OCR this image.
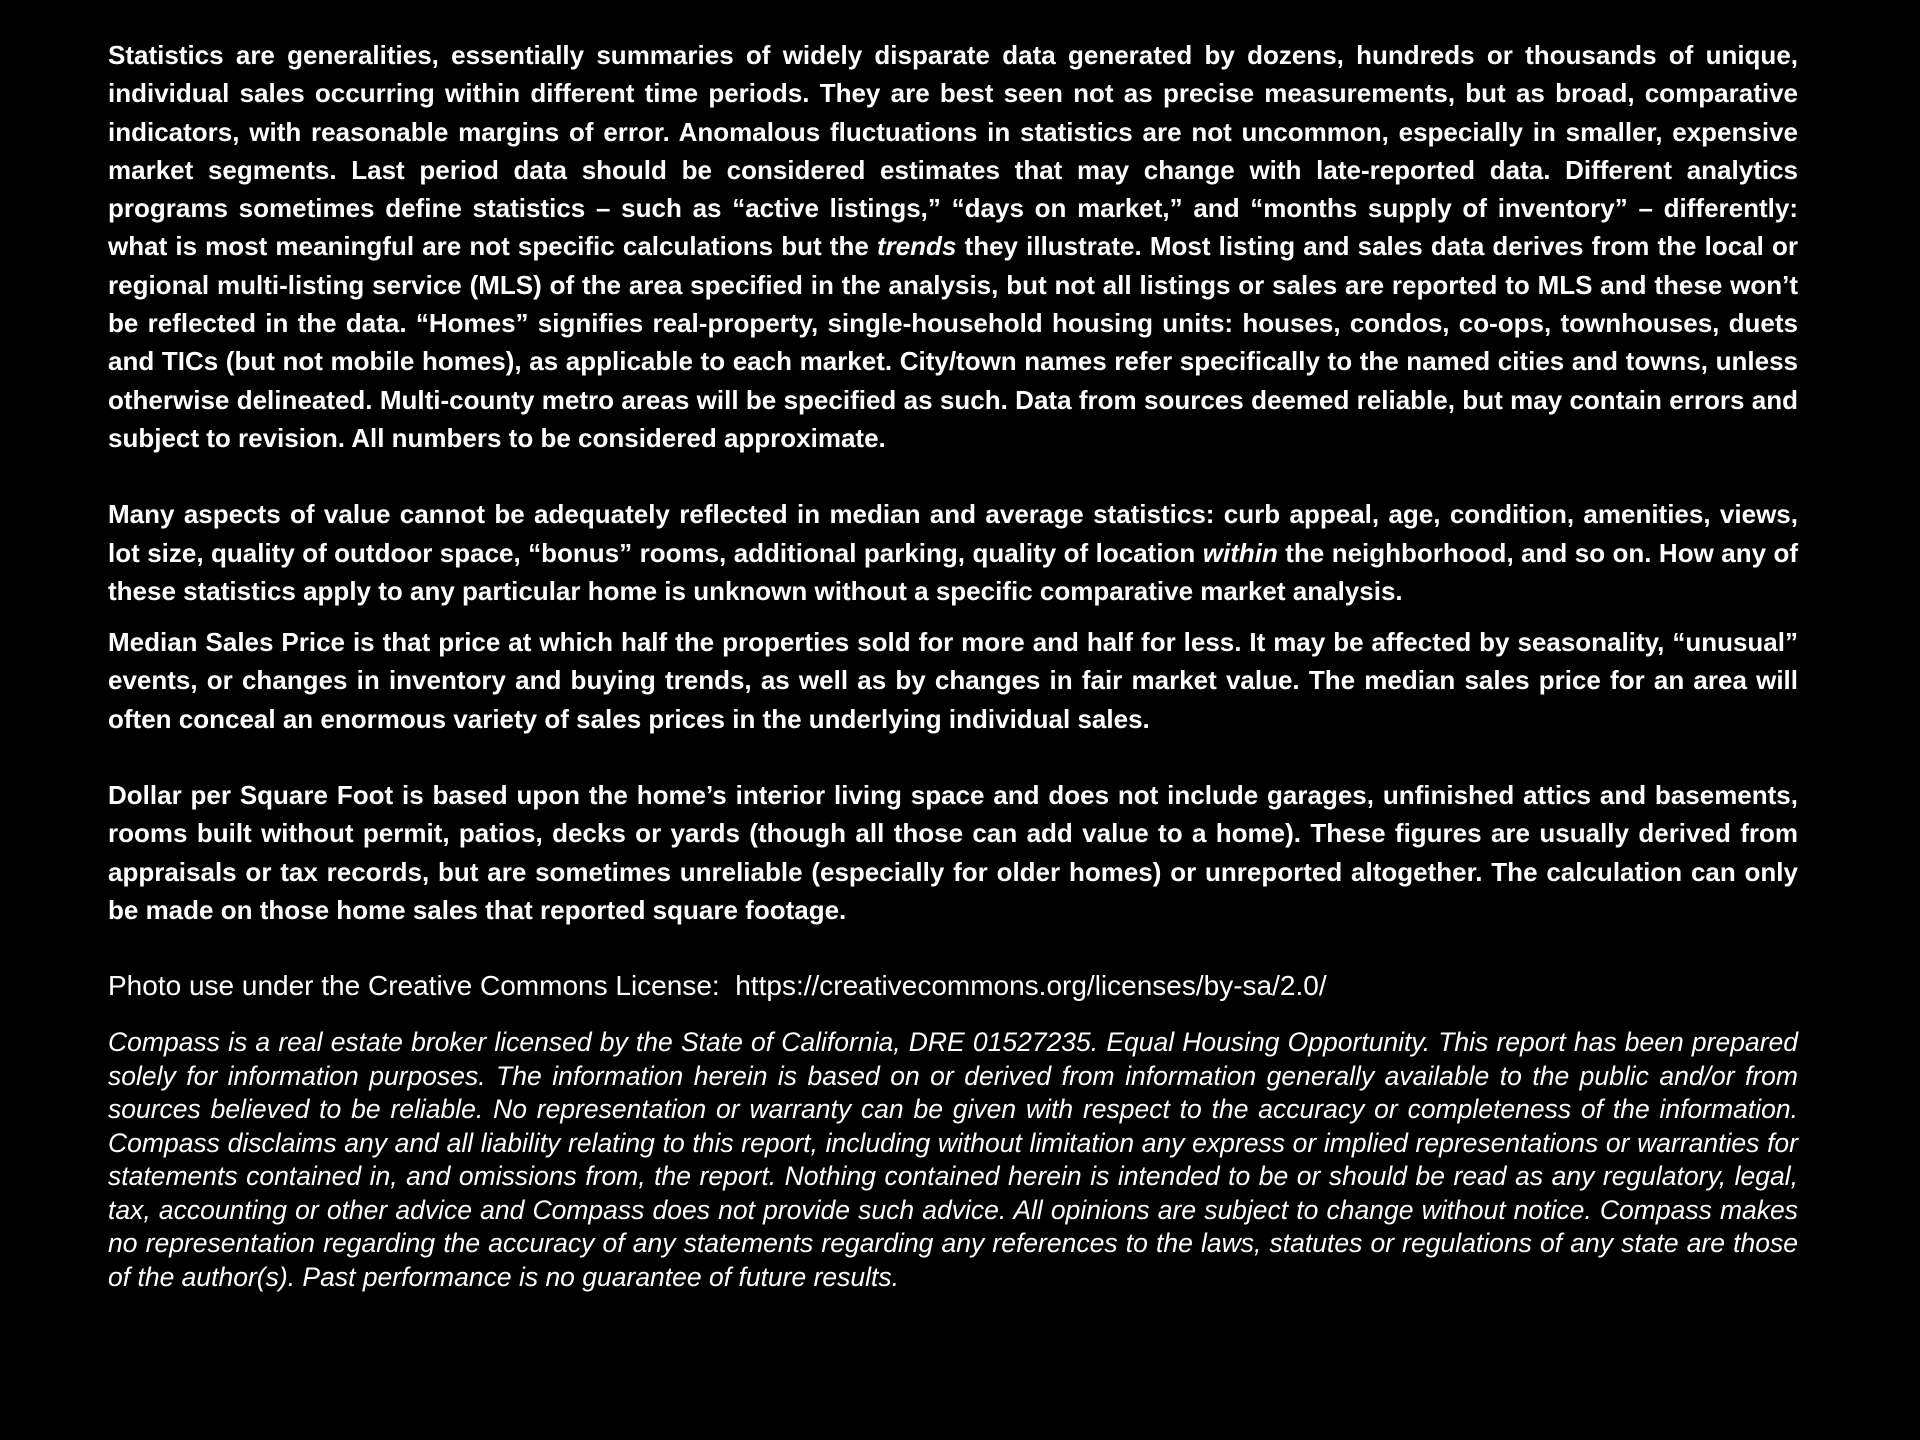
Statistics are generalities, essentially summaries of widely disparate data generated by dozens, hundreds or thousands of unique, individual sales occurring within different time periods. They are best seen not as precise measurements, but as broad, comparative indicators, with reasonable margins of error. Anomalous fluctuations in statistics are not uncommon, especially in smaller, expensive market segments. Last period data should be considered estimates that may change with late-reported data. Different analytics programs sometimes define statistics – such as “active listings,” “days on market,” and “months supply of inventory” – differently: what is most meaningful are not specific calculations but the trends they illustrate. Most listing and sales data derives from the local or regional multi-listing service (MLS) of the area specified in the analysis, but not all listings or sales are reported to MLS and these won’t be reflected in the data. “Homes” signifies real-property, single-household housing units: houses, condos, co-ops, townhouses, duets and TICs (but not mobile homes), as applicable to each market. City/town names refer specifically to the named cities and towns, unless otherwise delineated. Multi-county metro areas will be specified as such. Data from sources deemed reliable, but may contain errors and subject to revision. All numbers to be considered approximate.

Many aspects of value cannot be adequately reflected in median and average statistics: curb appeal, age, condition, amenities, views, lot size, quality of outdoor space, “bonus” rooms, additional parking, quality of location within the neighborhood, and so on. How any of these statistics apply to any particular home is unknown without a specific comparative market analysis.

Median Sales Price is that price at which half the properties sold for more and half for less. It may be affected by seasonality, “unusual” events, or changes in inventory and buying trends, as well as by changes in fair market value. The median sales price for an area will often conceal an enormous variety of sales prices in the underlying individual sales.

Dollar per Square Foot is based upon the home’s interior living space and does not include garages, unfinished attics and basements, rooms built without permit, patios, decks or yards (though all those can add value to a home). These figures are usually derived from appraisals or tax records, but are sometimes unreliable (especially for older homes) or unreported altogether. The calculation can only be made on those home sales that reported square footage.

Photo use under the Creative Commons License: https://creativecommons.org/licenses/by-sa/2.0/

Compass is a real estate broker licensed by the State of California, DRE 01527235. Equal Housing Opportunity. This report has been prepared solely for information purposes. The information herein is based on or derived from information generally available to the public and/or from sources believed to be reliable. No representation or warranty can be given with respect to the accuracy or completeness of the information. Compass disclaims any and all liability relating to this report, including without limitation any express or implied representations or warranties for statements contained in, and omissions from, the report. Nothing contained herein is intended to be or should be read as any regulatory, legal, tax, accounting or other advice and Compass does not provide such advice. All opinions are subject to change without notice. Compass makes no representation regarding the accuracy of any statements regarding any references to the laws, statutes or regulations of any state are those of the author(s). Past performance is no guarantee of future results.
